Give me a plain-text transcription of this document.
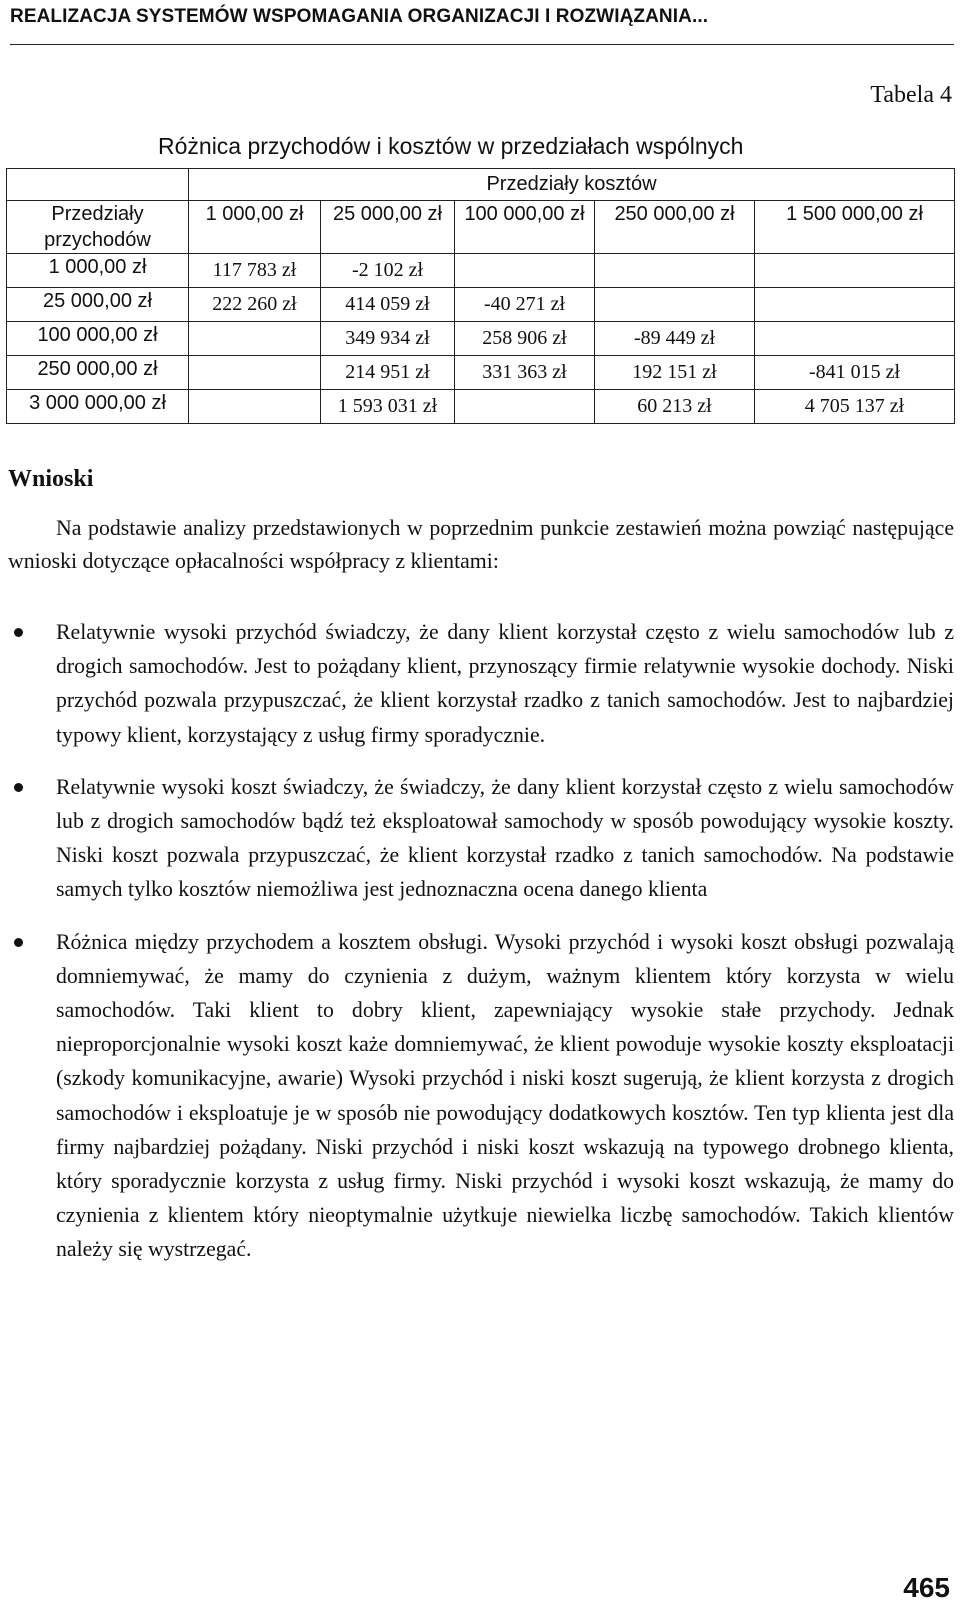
REALIZACJA SYSTEMÓW WSPOMAGANIA ORGANIZACJI I ROZWIĄZANIA...
Tabela 4
Różnica przychodów i kosztów w przedziałach wspólnych
	Przedziały kosztów				
Przedziały przychodów	1 000,00 zł	25 000,00 zł	100 000,00 zł	250 000,00 zł	1 500 000,00 zł
1 000,00 zł	117 783 zł	-2 102 zł			
25 000,00 zł	222 260 zł	414 059 zł	-40 271 zł		
100 000,00 zł		349 934 zł	258 906 zł	-89 449 zł	
250 000,00 zł		214 951 zł	331 363 zł	192 151 zł	-841 015 zł
3 000 000,00 zł		1 593 031 zł		60 213 zł	4 705 137 zł
Wnioski
Na podstawie analizy przedstawionych w poprzednim punkcie zestawień można powziąć następujące wnioski dotyczące opłacalności współpracy z klientami:
Relatywnie wysoki przychód świadczy, że dany klient korzystał często z wielu samochodów lub z drogich samochodów. Jest to pożądany klient, przynoszący firmie relatywnie wysokie dochody. Niski przychód pozwala przypuszczać, że klient korzystał rzadko z tanich samochodów. Jest to najbardziej typowy klient, korzystający z usług firmy sporadycznie.
Relatywnie wysoki koszt świadczy, że świadczy, że dany klient korzystał często z wielu samochodów lub z drogich samochodów bądź też eksploatował samochody w sposób powodujący wysokie koszty. Niski koszt pozwala przypuszczać, że klient korzystał rzadko z tanich samochodów. Na podstawie samych tylko kosztów niemożliwa jest jednoznaczna ocena danego klienta
Różnica między przychodem a kosztem obsługi. Wysoki przychód i wysoki koszt obsługi pozwalają domniemywać, że mamy do czynienia z dużym, ważnym klientem który korzysta w wielu samochodów. Taki klient to dobry klient, zapewniający wysokie stałe przychody. Jednak nieproporcjonalnie wysoki koszt każe domniemywać, że klient powoduje wysokie koszty eksploatacji (szkody komunikacyjne, awarie) Wysoki przychód i niski koszt sugerują, że klient korzysta z drogich samochodów i eksploatuje je w sposób nie powodujący dodatkowych kosztów. Ten typ klienta jest dla firmy najbardziej pożądany. Niski przychód i niski koszt wskazują na typowego drobnego klienta, który sporadycznie korzysta z usług firmy. Niski przychód i wysoki koszt wskazują, że mamy do czynienia z klientem który nieoptymalnie użytkuje niewielka liczbę samochodów. Takich klientów należy się wystrzegać.
465
